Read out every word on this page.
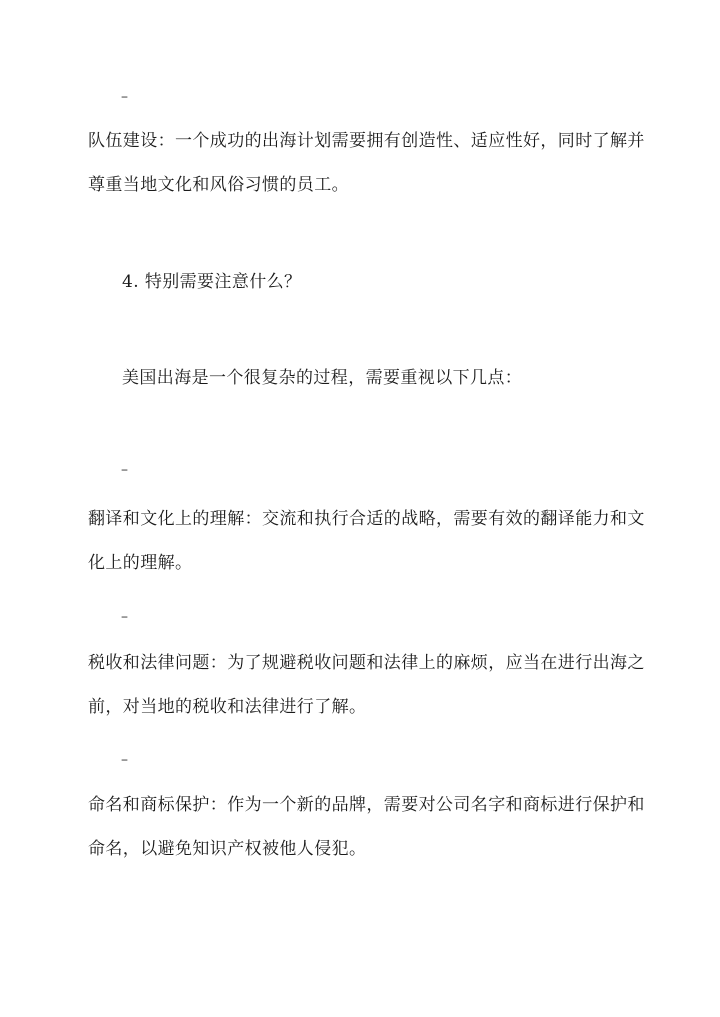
–
队伍建设：一个成功的出海计划需要拥有创造性、适应性好，同时了解并
尊重当地文化和风俗习惯的员工。
4. 特别需要注意什么？
美国出海是一个很复杂的过程，需要重视以下几点：
–
翻译和文化上的理解：交流和执行合适的战略，需要有效的翻译能力和文
化上的理解。
–
税收和法律问题：为了规避税收问题和法律上的麻烦，应当在进行出海之
前，对当地的税收和法律进行了解。
–
命名和商标保护：作为一个新的品牌，需要对公司名字和商标进行保护和
命名，以避免知识产权被他人侵犯。
